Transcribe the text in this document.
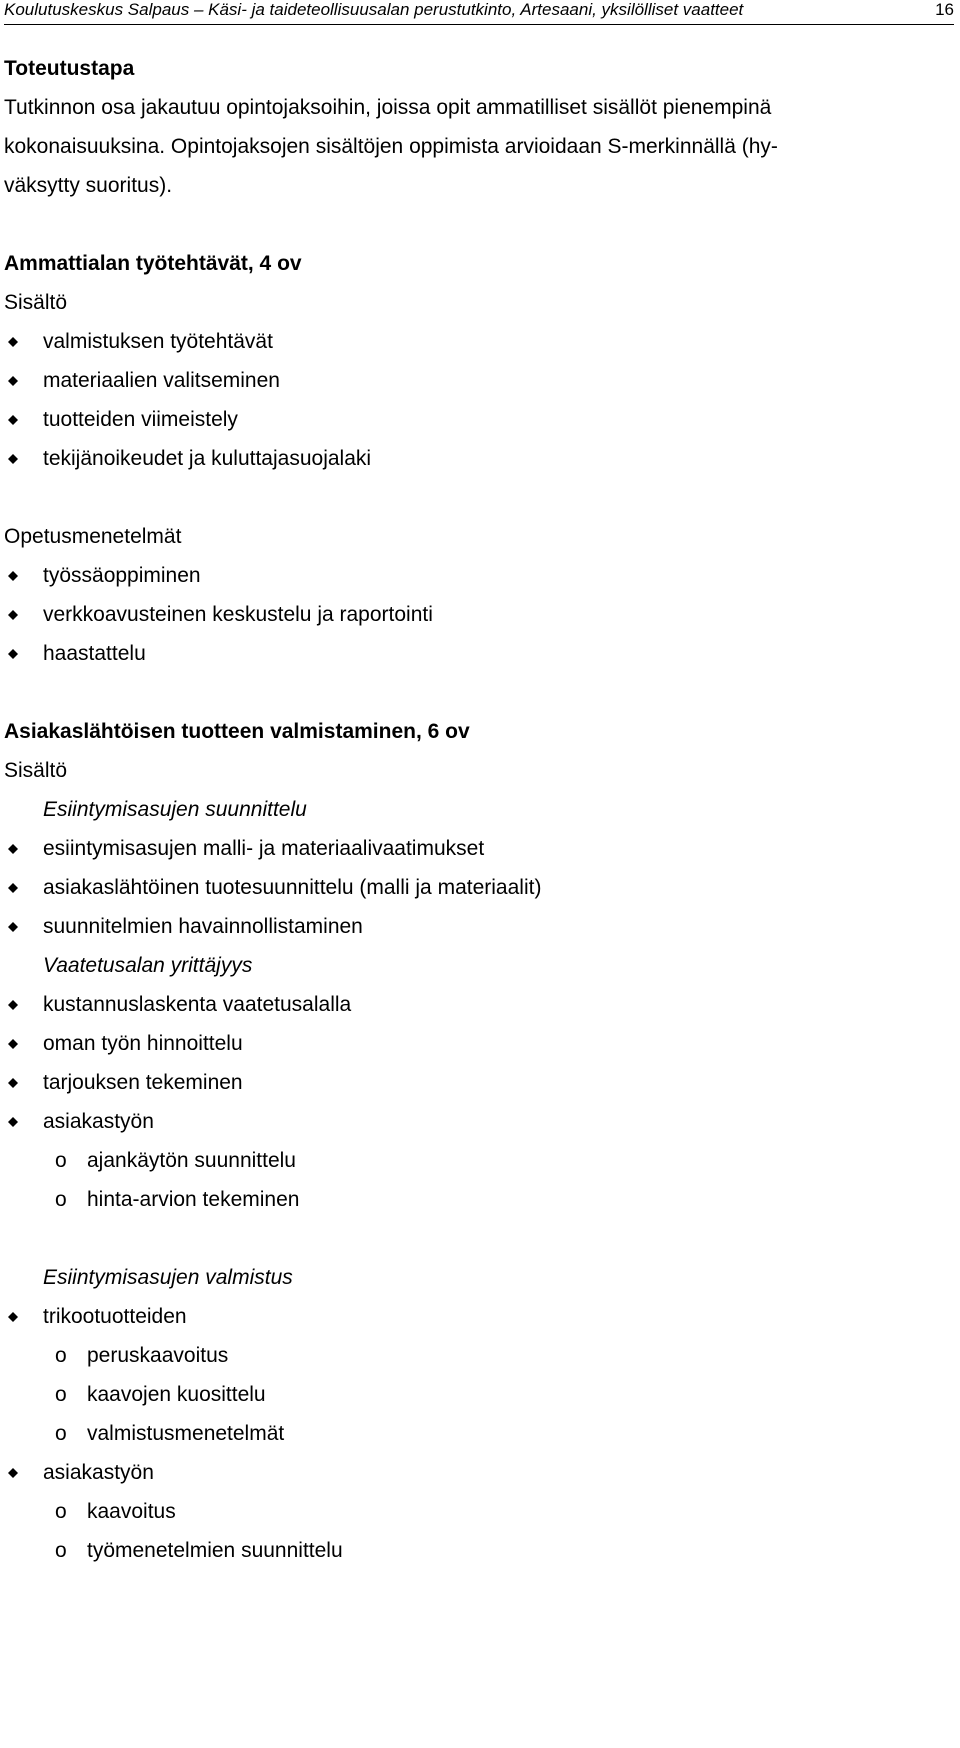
Koulutuskeskus Salpaus – Käsi- ja taideteollisuusalan perustutkinto, Artesaani, yksilölliset vaatteet	16
Toteutustapa
Tutkinnon osa jakautuu opintojaksoihin, joissa opit ammatilliset sisällöt pienempinä
kokonaisuuksina. Opintojaksojen sisältöjen oppimista arvioidaan S-merkinnällä (hy-
väksytty suoritus).
Ammattialan työtehtävät, 4 ov
Sisältö
valmistuksen työtehtävät
materiaalien valitseminen
tuotteiden viimeistely
tekijänoikeudet ja kuluttajasuojalaki
Opetusmenetelmät
työssäoppiminen
verkkoavusteinen keskustelu ja raportointi
haastattelu
Asiakaslähtöisen tuotteen valmistaminen, 6 ov
Sisältö
Esiintymisasujen suunnittelu
esiintymisasujen malli- ja materiaalivaatimukset
asiakaslähtöinen tuotesuunnittelu (malli ja materiaalit)
suunnitelmien havainnollistaminen
Vaatetusalan yrittäjyys
kustannuslaskenta vaatetusalalla
oman työn hinnoittelu
tarjouksen tekeminen
asiakastyön
o ajankäytön suunnittelu
o hinta-arvion tekeminen
Esiintymisasujen valmistus
trikootuotteiden
o peruskaavoitus
o kaavojen kuosittelu
o valmistusmenetelmät
asiakastyön
o kaavoitus
o työmenetelmien suunnittelu
